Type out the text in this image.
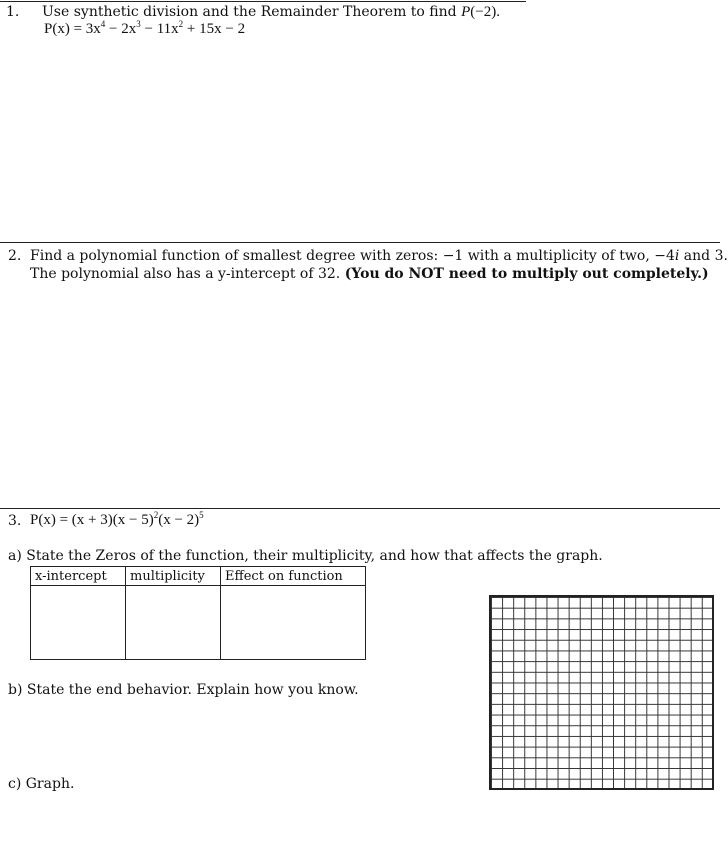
1. Use synthetic division and the Remainder Theorem to find P(−2).
$P(x) = 3x^4 - 2x^3 - 11x^2 + 15x - 2$
2. Find a polynomial function of smallest degree with zeros: −1 with a multiplicity of two, −4i and 3.
The polynomial also has a y-intercept of 32. (You do NOT need to multiply out completely.)
3. $P(x) = (x + 3)(x - 5)^2(x - 2)^5$
a) State the Zeros of the function, their multiplicity, and how that affects the graph.
x-intercept	multiplicity	Effect on function

b) State the end behavior. Explain how you know.
c) Graph.
